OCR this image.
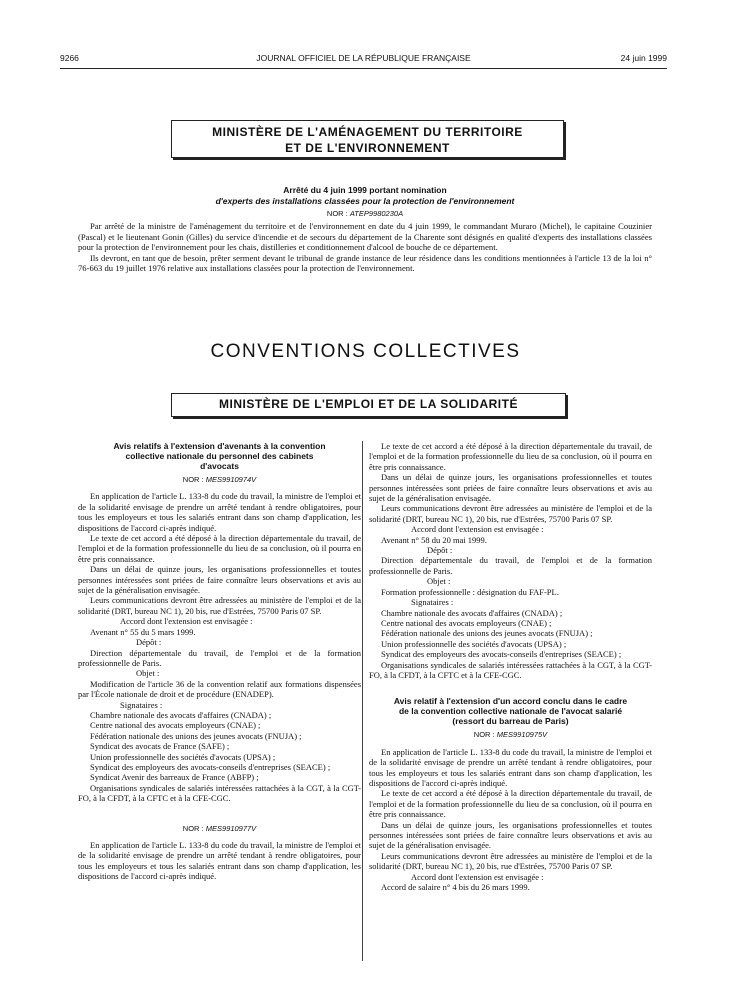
9266	JOURNAL OFFICIEL DE LA RÉPUBLIQUE FRANÇAISE	24 juin 1999
MINISTÈRE DE L'AMÉNAGEMENT DU TERRITOIRE
ET DE L'ENVIRONNEMENT
Arrêté du 4 juin 1999 portant nomination
d'experts des installations classées pour la protection de l'environnement
NOR : ATEP9980230A

Par arrêté de la ministre de l'aménagement du territoire et de l'environnement en date du 4 juin 1999, le commandant Muraro (Michel), le capitaine Couzinier (Pascal) et le lieutenant Gonin (Gilles) du service d'incendie et de secours du département de la Charente sont désignés en qualité d'experts des installations classées pour la protection de l'environnement pour les chais, distilleries et conditionnement d'alcool de bouche de ce département.

Ils devront, en tant que de besoin, prêter serment devant le tribunal de grande instance de leur résidence dans les conditions mentionnées à l'article 13 de la loi n° 76-663 du 19 juillet 1976 relative aux installations classées pour la protection de l'environnement.

CONVENTIONS COLLECTIVES
MINISTÈRE DE L'EMPLOI ET DE LA SOLIDARITÉ
Avis relatifs à l'extension d'avenants à la convention
collective nationale du personnel des cabinets
d'avocats
NOR : MES9910974V

En application de l'article L. 133-8 du code du travail, la ministre de l'emploi et de la solidarité envisage de prendre un arrêté tendant à rendre obligatoires, pour tous les employeurs et tous les salariés entrant dans son champ d'application, les dispositions de l'accord ci-après indiqué.

Le texte de cet accord a été déposé à la direction départementale du travail, de l'emploi et de la formation professionnelle du lieu de sa conclusion, où il pourra en être pris connaissance.

Dans un délai de quinze jours, les organisations professionnelles et toutes personnes intéressées sont priées de faire connaître leurs observations et avis au sujet de la généralisation envisagée.

Leurs communications devront être adressées au ministère de l'emploi et de la solidarité (DRT, bureau NC 1), 20 bis, rue d'Estrées, 75700 Paris 07 SP.

Accord dont l'extension est envisagée :

Avenant n° 55 du 5 mars 1999.

Dépôt :

Direction départementale du travail, de l'emploi et de la formation professionnelle de Paris.

Objet :

Modification de l'article 36 de la convention relatif aux formations dispensées par l'École nationale de droit et de procédure (ENADEP).

Signataires :

Chambre nationale des avocats d'affaires (CNADA) ;

Centre national des avocats employeurs (CNAE) ;

Fédération nationale des unions des jeunes avocats (FNUJA) ;

Syndicat des avocats de France (SAFE) ;

Union professionnelle des sociétés d'avocats (UPSA) ;

Syndicat des employeurs des avocats-conseils d'entreprises (SEACE) ;

Syndicat Avenir des barreaux de France (ABFP) ;

Organisations syndicales de salariés intéressées rattachées à la CGT, à la CGT-FO, à la CFDT, à la CFTC et à la CFE-CGC.

NOR : MES9910977V

En application de l'article L. 133-8 du code du travail, la ministre de l'emploi et de la solidarité envisage de prendre un arrêté tendant à rendre obligatoires, pour tous les employeurs et tous les salariés entrant dans son champ d'application, les dispositions de l'accord ci-après indiqué.

Le texte de cet accord a été déposé à la direction départementale du travail, de l'emploi et de la formation professionnelle du lieu de sa conclusion, où il pourra en être pris connaissance.

Dans un délai de quinze jours, les organisations professionnelles et toutes personnes intéressées sont priées de faire connaître leurs observations et avis au sujet de la généralisation envisagée.

Leurs communications devront être adressées au ministère de l'emploi et de la solidarité (DRT, bureau NC 1), 20 bis, rue d'Estrées, 75700 Paris 07 SP.

Accord dont l'extension est envisagée :

Avenant n° 58 du 20 mai 1999.

Dépôt :

Direction départementale du travail, de l'emploi et de la formation professionnelle de Paris.

Objet :

Formation professionnelle : désignation du FAF-PL.

Signataires :

Chambre nationale des avocats d'affaires (CNADA) ;

Centre national des avocats employeurs (CNAE) ;

Fédération nationale des unions des jeunes avocats (FNUJA) ;

Union professionnelle des sociétés d'avocats (UPSA) ;

Syndicat des employeurs des avocats-conseils d'entreprises (SEACE) ;

Organisations syndicales de salariés intéressées rattachées à la CGT, à la CGT-FO, à la CFDT, à la CFTC et à la CFE-CGC.

Avis relatif à l'extension d'un accord conclu dans le cadre
de la convention collective nationale de l'avocat salarié
(ressort du barreau de Paris)
NOR : MES9910975V

En application de l'article L. 133-8 du code du travail, la ministre de l'emploi et de la solidarité envisage de prendre un arrêté tendant à rendre obligatoires, pour tous les employeurs et tous les salariés entrant dans son champ d'application, les dispositions de l'accord ci-après indiqué.

Le texte de cet accord a été déposé à la direction départementale du travail, de l'emploi et de la formation professionnelle du lieu de sa conclusion, où il pourra en être pris connaissance.

Dans un délai de quinze jours, les organisations professionnelles et toutes personnes intéressées sont priées de faire connaître leurs observations et avis au sujet de la généralisation envisagée.

Leurs communications devront être adressées au ministère de l'emploi et de la solidarité (DRT, bureau NC 1), 20 bis, rue d'Estrées, 75700 Paris 07 SP.

Accord dont l'extension est envisagée :

Accord de salaire n° 4 bis du 26 mars 1999.
